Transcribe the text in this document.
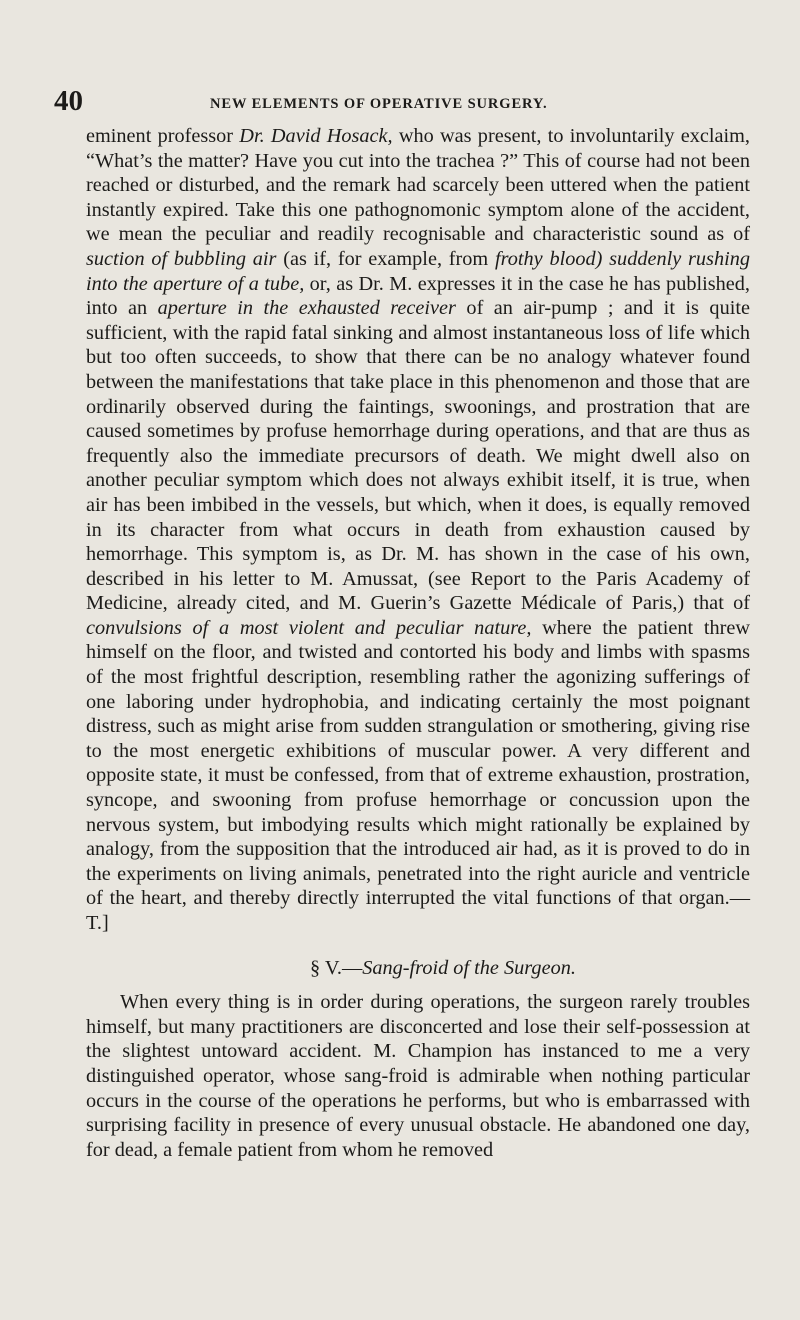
40	NEW ELEMENTS OF OPERATIVE SURGERY.

eminent professor Dr. David Hosack, who was present, to involuntarily exclaim, “What’s the matter? Have you cut into the trachea ?” This of course had not been reached or disturbed, and the remark had scarcely been uttered when the patient instantly expired. Take this one pathognomonic symptom alone of the accident, we mean the peculiar and readily recognisable and characteristic sound as of suction of bubbling air (as if, for example, from frothy blood) suddenly rushing into the aperture of a tube, or, as Dr. M. expresses it in the case he has published, into an aperture in the exhausted receiver of an air-pump ; and it is quite sufficient, with the rapid fatal sinking and almost instantaneous loss of life which but too often succeeds, to show that there can be no analogy whatever found between the manifestations that take place in this phenomenon and those that are ordinarily observed during the faintings, swoonings, and prostration that are caused sometimes by profuse hemorrhage during operations, and that are thus as frequently also the immediate precursors of death. We might dwell also on another peculiar symptom which does not always exhibit itself, it is true, when air has been imbibed in the vessels, but which, when it does, is equally removed in its character from what occurs in death from exhaustion caused by hemorrhage. This symptom is, as Dr. M. has shown in the case of his own, described in his letter to M. Amussat, (see Report to the Paris Academy of Medicine, already cited, and M. Guerin’s Gazette Médicale of Paris,) that of convulsions of a most violent and peculiar nature, where the patient threw himself on the floor, and twisted and contorted his body and limbs with spasms of the most frightful description, resembling rather the agonizing sufferings of one laboring under hydrophobia, and indicating certainly the most poignant distress, such as might arise from sudden strangulation or smothering, giving rise to the most energetic exhibitions of muscular power. A very different and opposite state, it must be confessed, from that of extreme exhaustion, prostration, syncope, and swooning from profuse hemorrhage or concussion upon the nervous system, but imbodying results which might rationally be explained by analogy, from the supposition that the introduced air had, as it is proved to do in the experiments on living animals, penetrated into the right auricle and ventricle of the heart, and thereby directly interrupted the vital functions of that organ.—T.]

§ V.—Sang-froid of the Surgeon.

When every thing is in order during operations, the surgeon rarely troubles himself, but many practitioners are disconcerted and lose their self-possession at the slightest untoward accident. M. Champion has instanced to me a very distinguished operator, whose sang-froid is admirable when nothing particular occurs in the course of the operations he performs, but who is embarrassed with surprising facility in presence of every unusual obstacle. He abandoned one day, for dead, a female patient from whom he removed
